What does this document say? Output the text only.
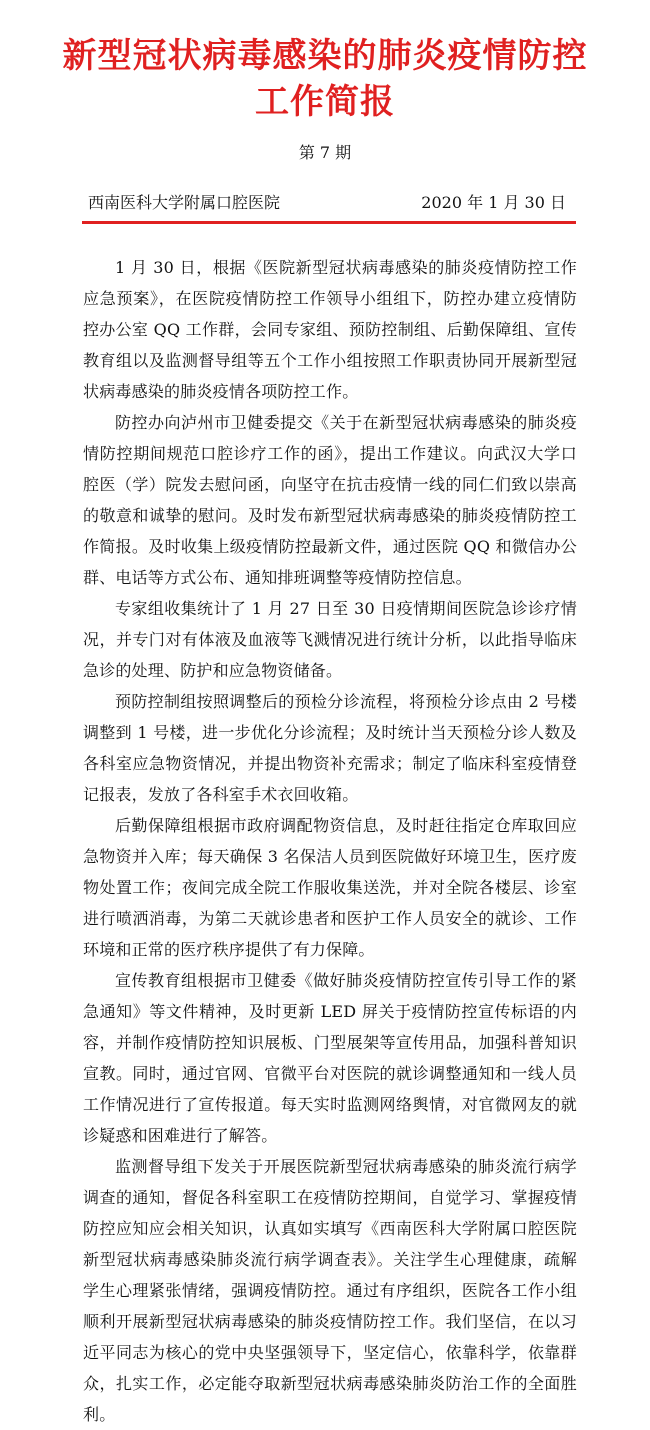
新型冠状病毒感染的肺炎疫情防控
工作简报
第 7 期
西南医科大学附属口腔医院	2020 年 1 月 30 日

1 月 30 日，根据《医院新型冠状病毒感染的肺炎疫情防控工作应急预案》，在医院疫情防控工作领导小组组下，防控办建立疫情防控办公室 QQ 工作群，会同专家组、预防控制组、后勤保障组、宣传教育组以及监测督导组等五个工作小组按照工作职责协同开展新型冠状病毒感染的肺炎疫情各项防控工作。

防控办向泸州市卫健委提交《关于在新型冠状病毒感染的肺炎疫情防控期间规范口腔诊疗工作的函》，提出工作建议。向武汉大学口腔医（学）院发去慰问函，向坚守在抗击疫情一线的同仁们致以崇高的敬意和诚挚的慰问。及时发布新型冠状病毒感染的肺炎疫情防控工作简报。及时收集上级疫情防控最新文件，通过医院 QQ 和微信办公群、电话等方式公布、通知排班调整等疫情防控信息。

专家组收集统计了 1 月 27 日至 30 日疫情期间医院急诊诊疗情况，并专门对有体液及血液等飞溅情况进行统计分析，以此指导临床急诊的处理、防护和应急物资储备。

预防控制组按照调整后的预检分诊流程，将预检分诊点由 2 号楼调整到 1 号楼，进一步优化分诊流程；及时统计当天预检分诊人数及各科室应急物资情况，并提出物资补充需求；制定了临床科室疫情登记报表，发放了各科室手术衣回收箱。

后勤保障组根据市政府调配物资信息，及时赶往指定仓库取回应急物资并入库；每天确保 3 名保洁人员到医院做好环境卫生，医疗废物处置工作；夜间完成全院工作服收集送洗，并对全院各楼层、诊室进行喷洒消毒，为第二天就诊患者和医护工作人员安全的就诊、工作环境和正常的医疗秩序提供了有力保障。

宣传教育组根据市卫健委《做好肺炎疫情防控宣传引导工作的紧急通知》等文件精神，及时更新 LED 屏关于疫情防控宣传标语的内容，并制作疫情防控知识展板、门型展架等宣传用品，加强科普知识宣教。同时，通过官网、官微平台对医院的就诊调整通知和一线人员工作情况进行了宣传报道。每天实时监测网络舆情，对官微网友的就诊疑惑和困难进行了解答。

监测督导组下发关于开展医院新型冠状病毒感染的肺炎流行病学调查的通知，督促各科室职工在疫情防控期间，自觉学习、掌握疫情防控应知应会相关知识，认真如实填写《西南医科大学附属口腔医院新型冠状病毒感染肺炎流行病学调查表》。关注学生心理健康，疏解学生心理紧张情绪，强调疫情防控。通过有序组织，医院各工作小组顺利开展新型冠状病毒感染的肺炎疫情防控工作。我们坚信，在以习近平同志为核心的党中央坚强领导下，坚定信心，依靠科学，依靠群众，扎实工作，必定能夺取新型冠状病毒感染肺炎防治工作的全面胜利。
